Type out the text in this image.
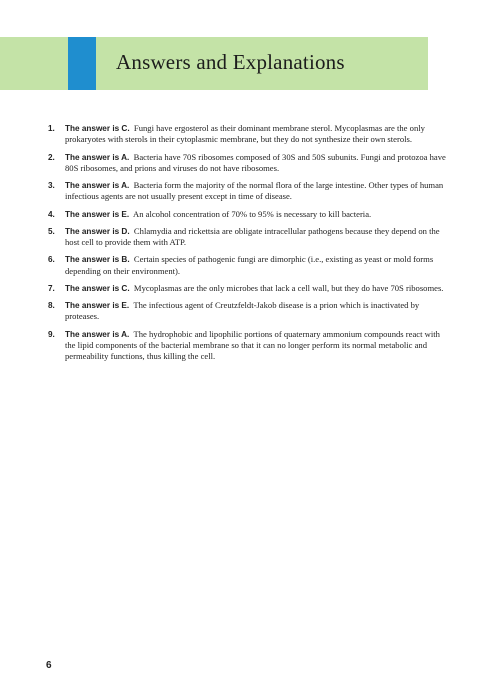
Answers and Explanations
1. The answer is C. Fungi have ergosterol as their dominant membrane sterol. Mycoplasmas are the only prokaryotes with sterols in their cytoplasmic membrane, but they do not synthesize their own sterols.
2. The answer is A. Bacteria have 70S ribosomes composed of 30S and 50S subunits. Fungi and protozoa have 80S ribosomes, and prions and viruses do not have ribosomes.
3. The answer is A. Bacteria form the majority of the normal flora of the large intestine. Other types of human infectious agents are not usually present except in time of disease.
4. The answer is E. An alcohol concentration of 70% to 95% is necessary to kill bacteria.
5. The answer is D. Chlamydia and rickettsia are obligate intracellular pathogens because they depend on the host cell to provide them with ATP.
6. The answer is B. Certain species of pathogenic fungi are dimorphic (i.e., existing as yeast or mold forms depending on their environment).
7. The answer is C. Mycoplasmas are the only microbes that lack a cell wall, but they do have 70S ribosomes.
8. The answer is E. The infectious agent of Creutzfeldt-Jakob disease is a prion which is inactivated by proteases.
9. The answer is A. The hydrophobic and lipophilic portions of quaternary ammonium compounds react with the lipid components of the bacterial membrane so that it can no longer perform its normal metabolic and permeability functions, thus killing the cell.
6
